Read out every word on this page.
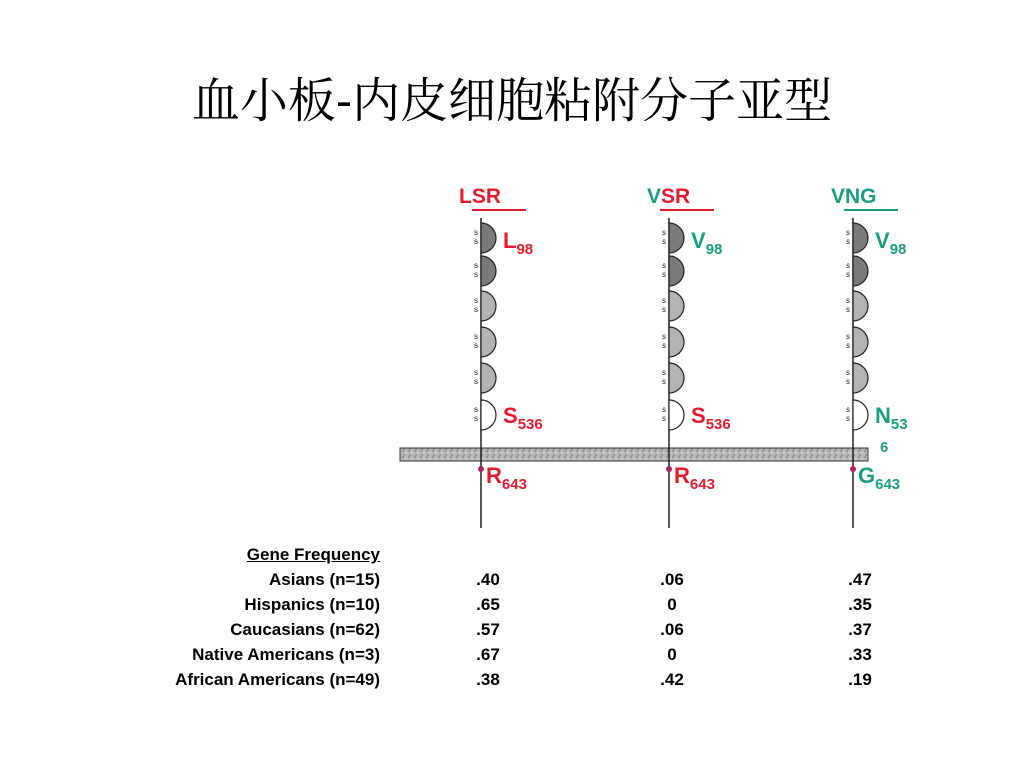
血小板-内皮细胞粘附分子亚型
LSR
s
s
s
s
s
s
s
s
s
s
s
s
$L_{98}$
$S_{536}$
$R_{643}$
VSR
s
s
s
s
s
s
s
s
s
s
s
s
$V_{98}$
$S_{536}$
$R_{643}$
VNG
s
s
s
s
s
s
s
s
s
s
s
s
$V_{98}$
$N_{53}$
6
$G_{643}$
Gene Frequency
Asians (n=15)	.40	.06	.47
Hispanics (n=10)	.65	0	.35
Caucasians (n=62)	.57	.06	.37
Native Americans (n=3)	.67	0	.33
African Americans (n=49)	.38	.42	.19
